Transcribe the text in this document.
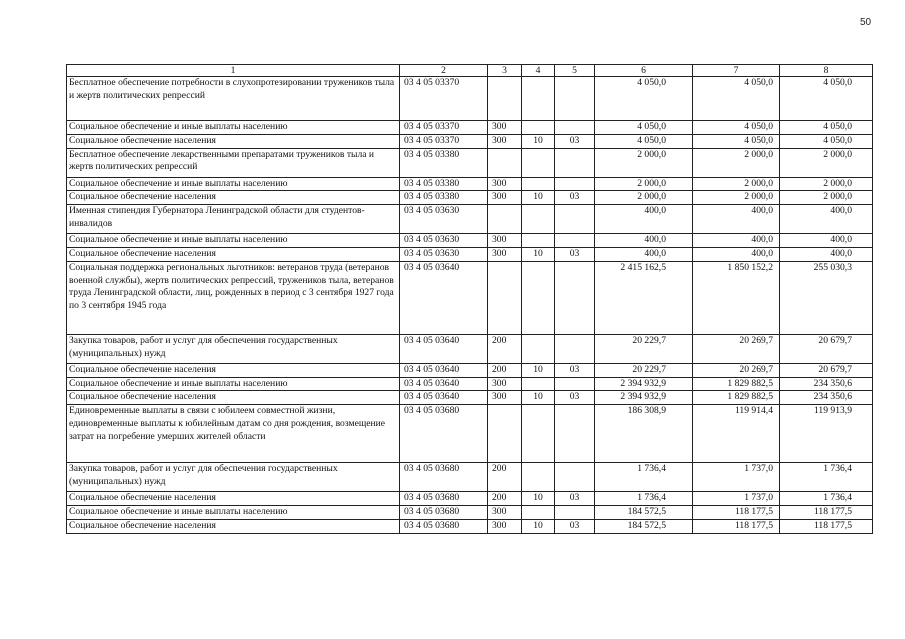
50
1	2	3	4	5	6	7	8
Бесплатное обеспечение потребности в слухопротезировании тружеников тыла и жертв политических репрессий	03 4 05 03370				4 050,0	4 050,0	4 050,0
Социальное обеспечение и иные выплаты населению	03 4 05 03370	300			4 050,0	4 050,0	4 050,0
Социальное обеспечение населения	03 4 05 03370	300	10	03	4 050,0	4 050,0	4 050,0
Бесплатное обеспечение лекарственными препаратами тружеников тыла и жертв политических репрессий	03 4 05 03380				2 000,0	2 000,0	2 000,0
Социальное обеспечение и иные выплаты населению	03 4 05 03380	300			2 000,0	2 000,0	2 000,0
Социальное обеспечение населения	03 4 05 03380	300	10	03	2 000,0	2 000,0	2 000,0
Именная стипендия Губернатора Ленинградской области для студентов-инвалидов	03 4 05 03630				400,0	400,0	400,0
Социальное обеспечение и иные выплаты населению	03 4 05 03630	300			400,0	400,0	400,0
Социальное обеспечение населения	03 4 05 03630	300	10	03	400,0	400,0	400,0
Социальная поддержка региональных льготников: ветеранов труда (ветеранов военной службы), жертв политических репрессий, тружеников тыла, ветеранов труда Ленинградской области, лиц, рожденных в период с 3 сентября 1927 года по 3 сентября 1945 года	03 4 05 03640				2 415 162,5	1 850 152,2	255 030,3
Закупка товаров, работ и услуг для обеспечения государственных (муниципальных) нужд	03 4 05 03640	200			20 229,7	20 269,7	20 679,7
Социальное обеспечение населения	03 4 05 03640	200	10	03	20 229,7	20 269,7	20 679,7
Социальное обеспечение и иные выплаты населению	03 4 05 03640	300			2 394 932,9	1 829 882,5	234 350,6
Социальное обеспечение населения	03 4 05 03640	300	10	03	2 394 932,9	1 829 882,5	234 350,6
Единовременные выплаты в связи с юбилеем совместной жизни, единовременные выплаты к юбилейным датам со дня рождения, возмещение затрат на погребение умерших жителей области	03 4 05 03680				186 308,9	119 914,4	119 913,9
Закупка товаров, работ и услуг для обеспечения государственных (муниципальных) нужд	03 4 05 03680	200			1 736,4	1 737,0	1 736,4
Социальное обеспечение населения	03 4 05 03680	200	10	03	1 736,4	1 737,0	1 736,4
Социальное обеспечение и иные выплаты населению	03 4 05 03680	300			184 572,5	118 177,5	118 177,5
Социальное обеспечение населения	03 4 05 03680	300	10	03	184 572,5	118 177,5	118 177,5
